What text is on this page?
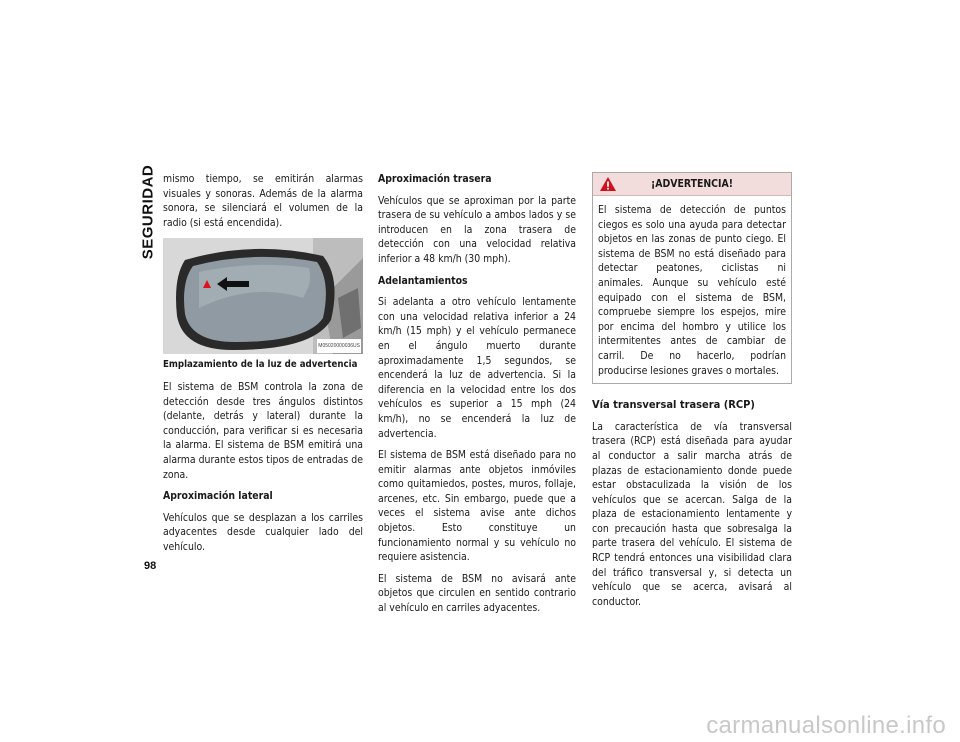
SEGURIDAD mismo tiempo, se emitirán alarmas visuales y sonoras. Además de la alarma sonora, se silenciará el volumen de la radio (si está encendida).

M05020000036US

Emplazamiento de la luz de advertencia

El sistema de BSM controla la zona de detección desde tres ángulos distintos (delante, detrás y lateral) durante la conducción, para verificar si es necesaria la alarma. El sistema de BSM emitirá una alarma durante estos tipos de entradas de zona.

Aproximación lateral

Vehículos que se desplazan a los carriles adyacentes desde cualquier lado del vehículo.

Aproximación trasera

Vehículos que se aproximan por la parte trasera de su vehículo a ambos lados y se introducen en la zona trasera de detección con una velocidad relativa inferior a 48 km/h (30 mph).

Adelantamientos

Si adelanta a otro vehículo lentamente con una velocidad relativa inferior a 24 km/h (15 mph) y el vehículo permanece en el ángulo muerto durante aproximadamente 1,5 segundos, se encenderá la luz de advertencia. Si la diferencia en la velocidad entre los dos vehículos es superior a 15 mph (24 km/h), no se encenderá la luz de advertencia.

El sistema de BSM está diseñado para no emitir alarmas ante objetos inmóviles como quitamiedos, postes, muros, follaje, arcenes, etc. Sin embargo, puede que a veces el sistema avise ante dichos objetos. Esto constituye un funcionamiento normal y su vehículo no requiere asistencia.

El sistema de BSM no avisará ante objetos que circulen en sentido contrario al vehículo en carriles adyacentes.

¡ADVERTENCIA!

El sistema de detección de puntos ciegos es solo una ayuda para detectar objetos en las zonas de punto ciego. El sistema de BSM no está diseñado para detectar peatones, ciclistas ni animales. Aunque su vehículo esté equipado con el sistema de BSM, compruebe siempre los espejos, mire por encima del hombro y utilice los intermitentes antes de cambiar de carril. De no hacerlo, podrían producirse lesiones graves o mortales.

Vía transversal trasera (RCP)

La característica de vía transversal trasera (RCP) está diseñada para ayudar al conductor a salir marcha atrás de plazas de estacionamiento donde puede estar obstaculizada la visión de los vehículos que se acercan. Salga de la plaza de estacionamiento lentamente y con precaución hasta que sobresalga la parte trasera del vehículo. El sistema de RCP tendrá entonces una visibilidad clara del tráfico transversal y, si detecta un vehículo que se acerca, avisará al conductor.

98
carmanualsonline.info
